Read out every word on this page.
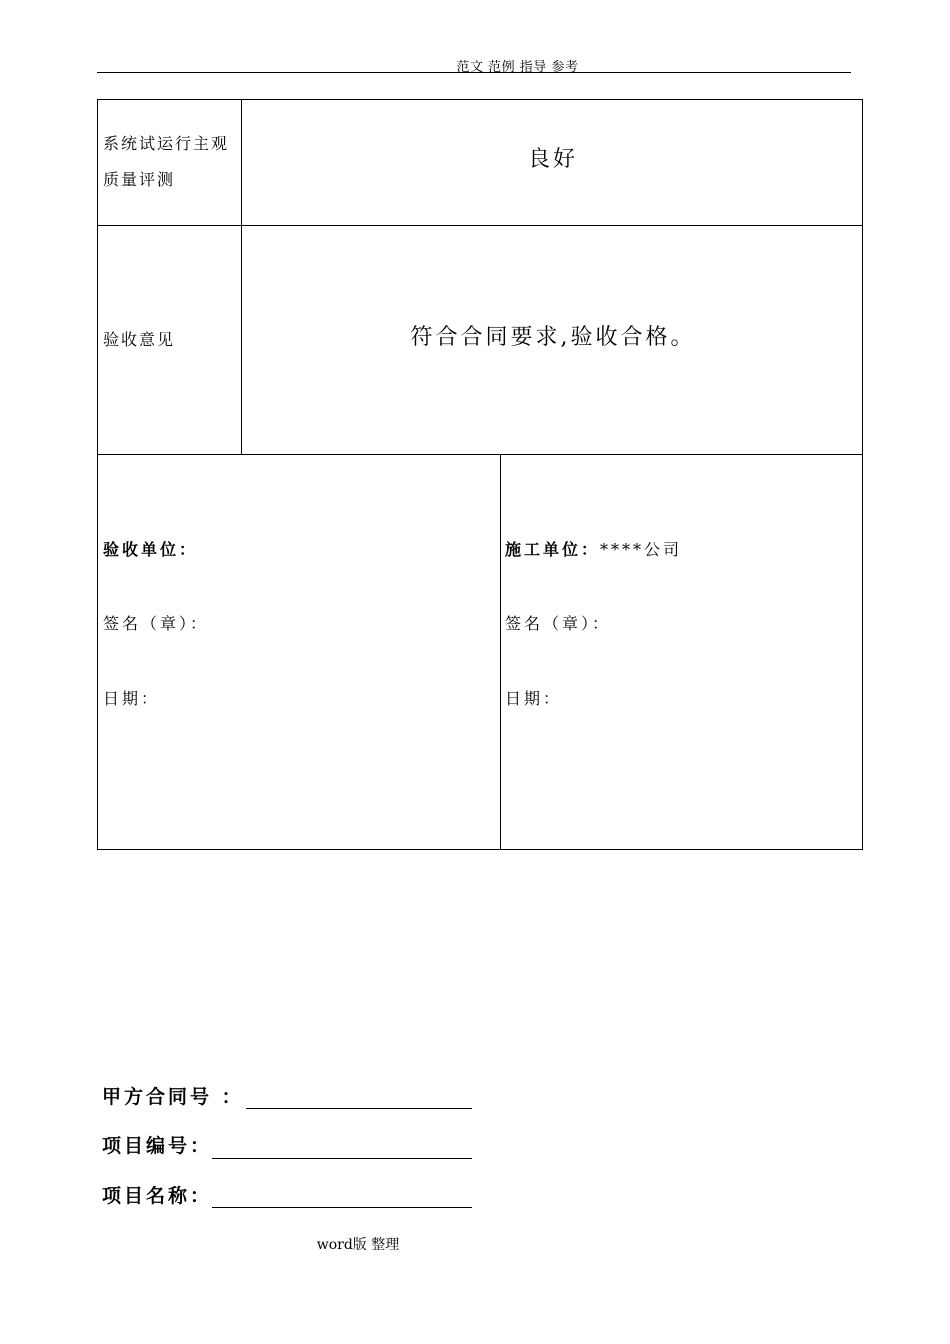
范文 范例 指导 参考
系统试运行主观质量评测
良好
验收意见	符合合同要求,验收合格。
验收单位：
签名（章）：
日期：
施工单位：****公司
签名（章）：
日期：
甲方合同号 ：
项目编号：
项目名称：
word版 整理
